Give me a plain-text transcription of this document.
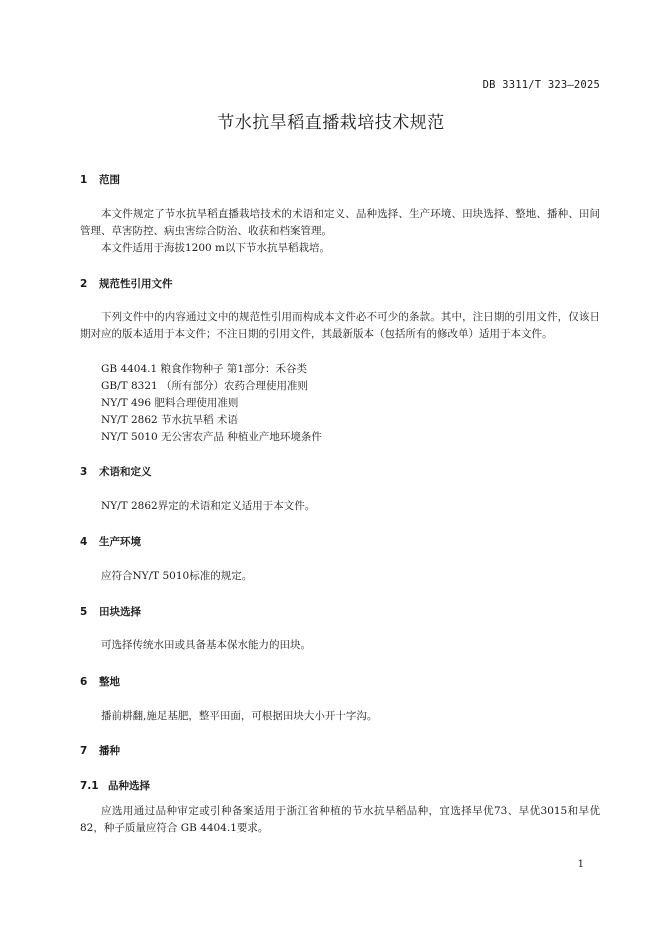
DB 3311/T 323—2025
节水抗旱稻直播栽培技术规范
1 范围
本文件规定了节水抗旱稻直播栽培技术的术语和定义、品种选择、生产环境、田块选择、整地、播种、田间管理、草害防控、病虫害综合防治、收获和档案管理。
本文件适用于海拔1200 m以下节水抗旱稻栽培。
2 规范性引用文件
下列文件中的内容通过文中的规范性引用而构成本文件必不可少的条款。其中，注日期的引用文件，仅该日期对应的版本适用于本文件；不注日期的引用文件，其最新版本（包括所有的修改单）适用于本文件。
GB 4404.1 粮食作物种子 第1部分：禾谷类
GB/T 8321 （所有部分）农药合理使用准则
NY/T 496 肥料合理使用准则
NY/T 2862 节水抗旱稻 术语
NY/T 5010 无公害农产品 种植业产地环境条件
3 术语和定义
NY/T 2862界定的术语和定义适用于本文件。
4 生产环境
应符合NY/T 5010标准的规定。
5 田块选择
可选择传统水田或具备基本保水能力的田块。
6 整地
播前耕翻,施足基肥，整平田面，可根据田块大小开十字沟。
7 播种
7.1 品种选择
应选用通过品种审定或引种备案适用于浙江省种植的节水抗旱稻品种，宜选择早优73、早优3015和早优82，种子质量应符合 GB 4404.1要求。
1
